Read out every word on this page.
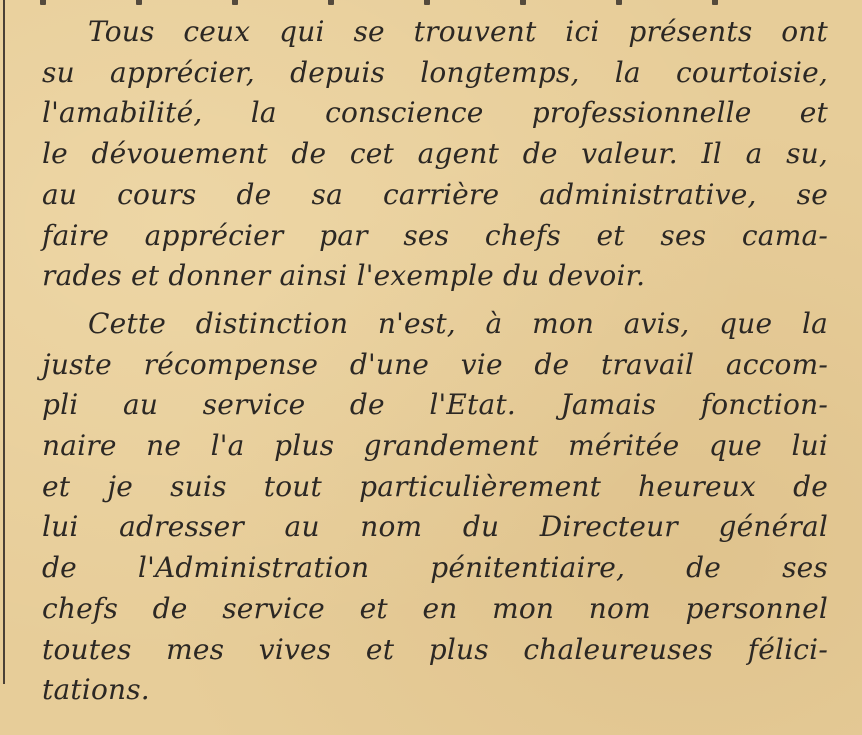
Tous ceux qui se trouvent ici présents ont
su apprécier, depuis longtemps, la courtoisie,
l'amabilité, la conscience professionnelle et
le dévouement de cet agent de valeur. Il a su,
au cours de sa carrière administrative, se
faire apprécier par ses chefs et ses cama-
rades et donner ainsi l'exemple du devoir.

Cette distinction n'est, à mon avis, que la
juste récompense d'une vie de travail accom-
pli au service de l'Etat. Jamais fonction-
naire ne l'a plus grandement méritée que lui
et je suis tout particulièrement heureux de
lui adresser au nom du Directeur général
de l'Administration pénitentiaire, de ses
chefs de service et en mon nom personnel
toutes mes vives et plus chaleureuses félici-
tations.
